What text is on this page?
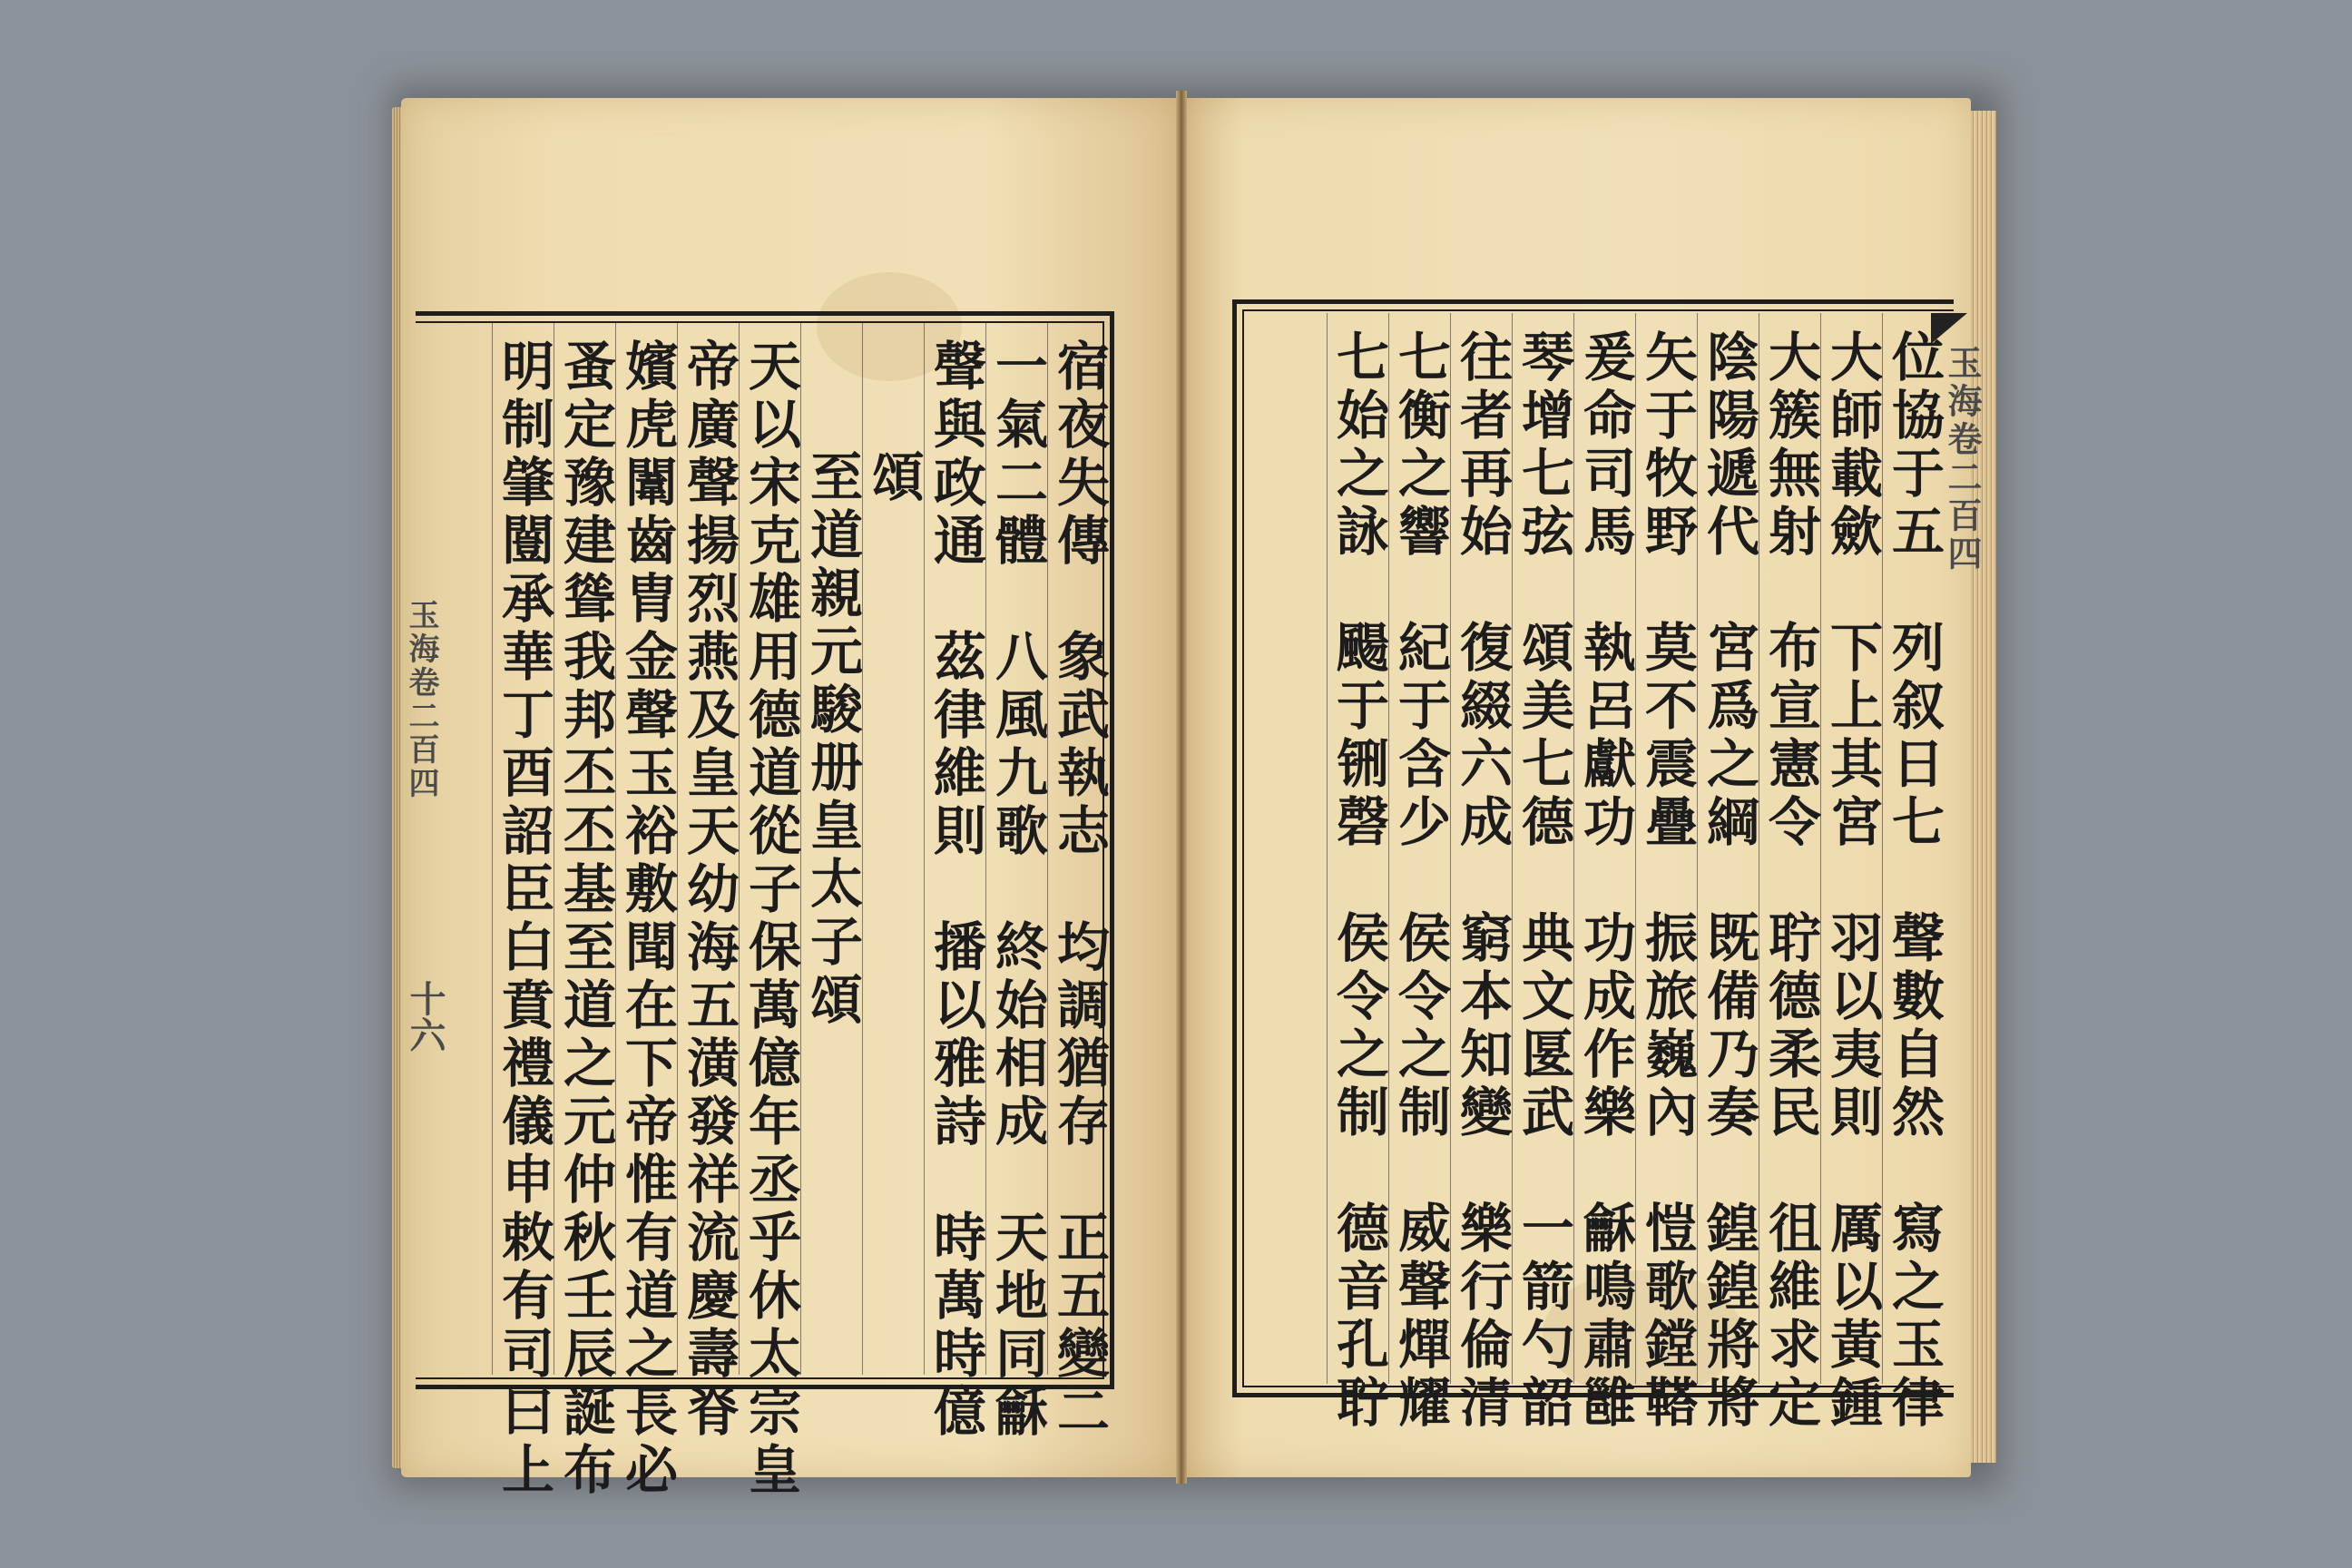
宿夜失傳　象武執志　均調猶存　正五變二
一氣二體　八風九歌　終始相成　天地同龢
聲與政通　茲律維則　播以雅詩　時萬時億
頌
至道親元駿册皇太子頌
天以宋克雄用德道從子保萬億年丞乎休太宗皇
帝廣聲揚烈燕及皇天幼海五潢發祥流慶壽脊
嬪虎闈齒胄金聲玉裕敷聞在下帝惟有道之長必
蚤定豫建聳我邦丕丕基至道之元仲秋壬辰誕布
明制肇闓承華丁酉詔臣白賁禮儀申敕有司曰上	位協于五　列叙日七　聲數自然　寫之玉律
大師載歛　下上其宮　羽以夷則　厲以黃鍾
大簇無射　布宣憲令　聍德柔民　徂維求定
陰陽遞代　宮爲之綱　既備乃奏　鍠鍠將將
矢于牧野　莫不震疊　振旅巍內　愷歌鏜鞳
爰命司馬　執呂獻功　功成作樂　龢鳴肅雝
琴增七弦　頌美七德　典文匽武　一箭勺韶
往者再始　復綴六成　窮本知變　樂行倫清
七衡之響　紀于含少　侯令之制　威聲燀耀
七始之詠　颺于铏磬　侯令之制　德音孔聍	玉海卷二百四
玉海卷二百四
十六
